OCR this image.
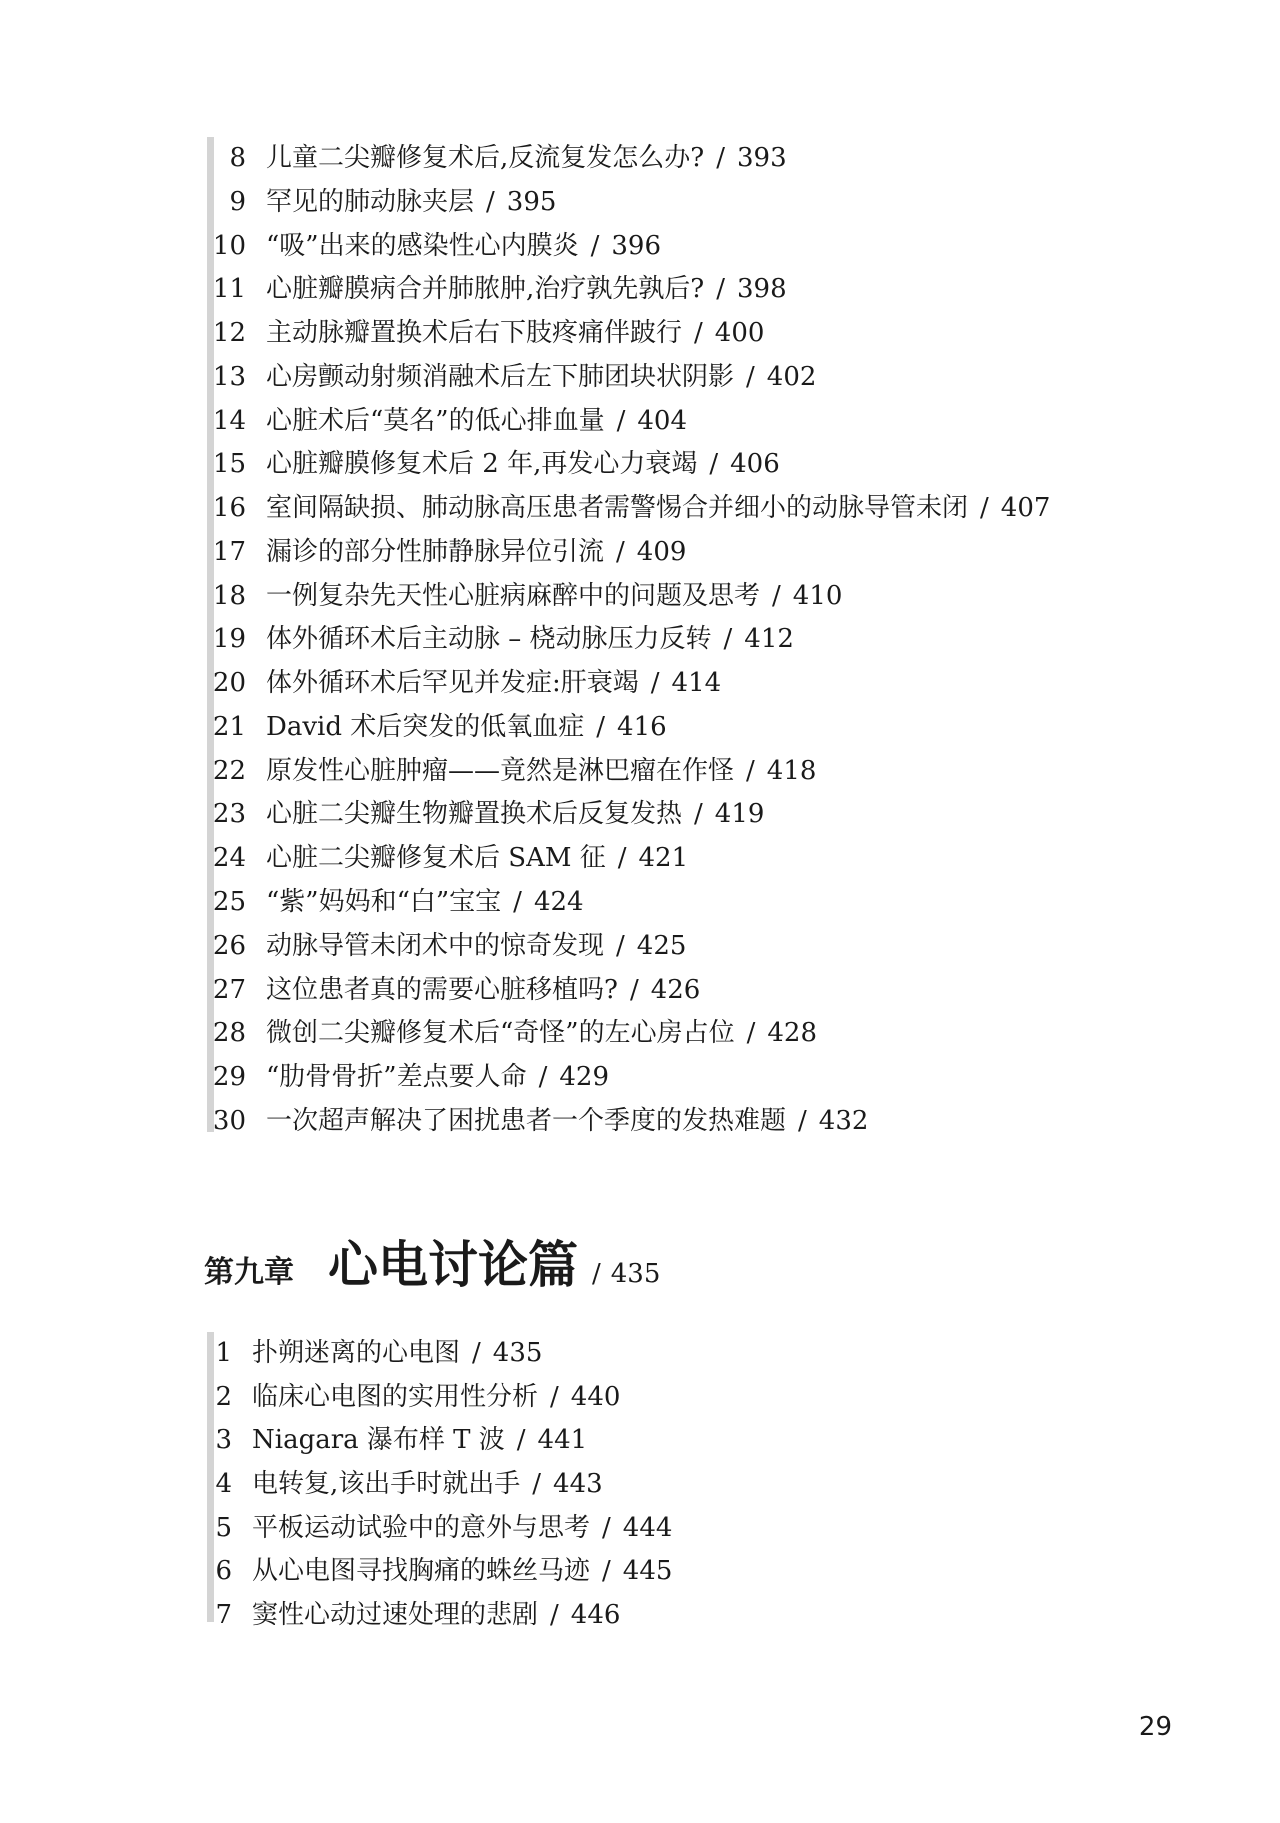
8 儿童二尖瓣修复术后,反流复发怎么办? / 393
9 罕见的肺动脉夹层 / 395
10 “吸”出来的感染性心内膜炎 / 396
11 心脏瓣膜病合并肺脓肿,治疗孰先孰后? / 398
12 主动脉瓣置换术后右下肢疼痛伴跛行 / 400
13 心房颤动射频消融术后左下肺团块状阴影 / 402
14 心脏术后“莫名”的低心排血量 / 404
15 心脏瓣膜修复术后 2 年,再发心力衰竭 / 406
16 室间隔缺损、肺动脉高压患者需警惕合并细小的动脉导管未闭 / 407
17 漏诊的部分性肺静脉异位引流 / 409
18 一例复杂先天性心脏病麻醉中的问题及思考 / 410
19 体外循环术后主动脉 – 桡动脉压力反转 / 412
20 体外循环术后罕见并发症:肝衰竭 / 414
21 David 术后突发的低氧血症 / 416
22 原发性心脏肿瘤——竟然是淋巴瘤在作怪 / 418
23 心脏二尖瓣生物瓣置换术后反复发热 / 419
24 心脏二尖瓣修复术后 SAM 征 / 421
25 “紫”妈妈和“白”宝宝 / 424
26 动脉导管未闭术中的惊奇发现 / 425
27 这位患者真的需要心脏移植吗? / 426
28 微创二尖瓣修复术后“奇怪”的左心房占位 / 428
29 “肋骨骨折”差点要人命 / 429
30 一次超声解决了困扰患者一个季度的发热难题 / 432
第九章 心电讨论篇 / 435
1 扑朔迷离的心电图 / 435
2 临床心电图的实用性分析 / 440
3 Niagara 瀑布样 T 波 / 441
4 电转复,该出手时就出手 / 443
5 平板运动试验中的意外与思考 / 444
6 从心电图寻找胸痛的蛛丝马迹 / 445
7 窦性心动过速处理的悲剧 / 446
29
